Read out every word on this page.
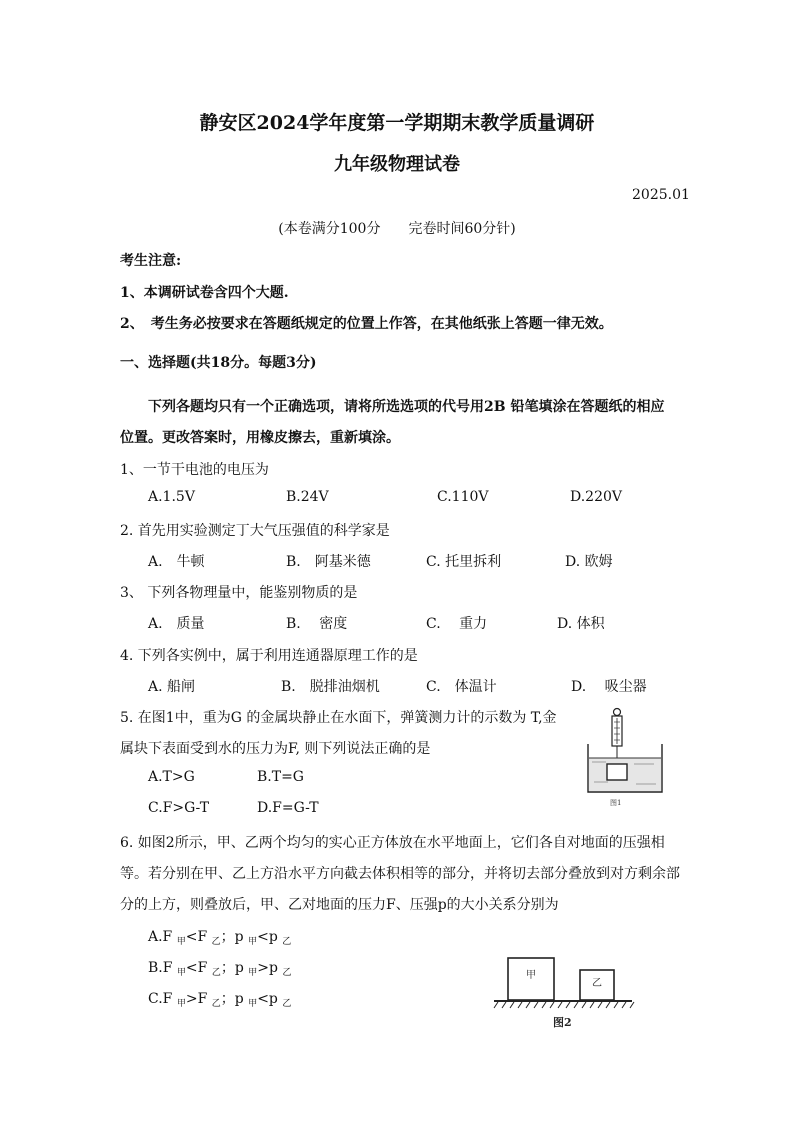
静安区2024学年度第一学期期末教学质量调研
九年级物理试卷
2025.01
(本卷满分100分　　完卷时间60分针)
考生注意:
1、本调研试卷含四个大题.
2、　考生务必按要求在答题纸规定的位置上作答，在其他纸张上答题一律无效。
一、选择题(共18分。每题3分)
下列各题均只有一个正确选项，请将所选选项的代号用2B 铅笔填涂在答题纸的相应
位置。更改答案时，用橡皮擦去，重新填涂。
1、一节干电池的电压为
A.1.5V	B.24V	C.110V	D.220V
2. 首先用实验测定丁大气压强值的科学家是
A.　牛顿	B.　阿基米德	C. 托里拆利	D. 欧姆
3、 下列各物理量中，能鉴别物质的是
A.　质量	B.　 密度	C.　 重力	D. 体积
4. 下列各实例中，属于利用连通器原理工作的是
A. 船闸	B.　脱排油烟机	C.　体温计	D.　 吸尘器
5. 在图1中，重为G 的金属块静止在水面下，弹簧测力计的示数为 T,金
属块下表面受到水的压力为F, 则下列说法正确的是
A.T>G	B.T=G
C.F>G-T	D.F=G-T	图1
6. 如图2所示，甲、乙两个均匀的实心正方体放在水平地面上，它们各自对地面的压强相
等。若分别在甲、乙上方沿水平方向截去体积相等的部分，并将切去部分叠放到对方剩余部
分的上方，则叠放后，甲、乙对地面的压力F、压强p的大小关系分别为
A.F $_甲$<F $_乙$；p $_甲$<p $_乙$
B.F $_甲$<F $_乙$；p $_甲$>p $_乙$
C.F $_甲$>F $_乙$；p $_甲$<p $_乙$
甲
乙
图2
